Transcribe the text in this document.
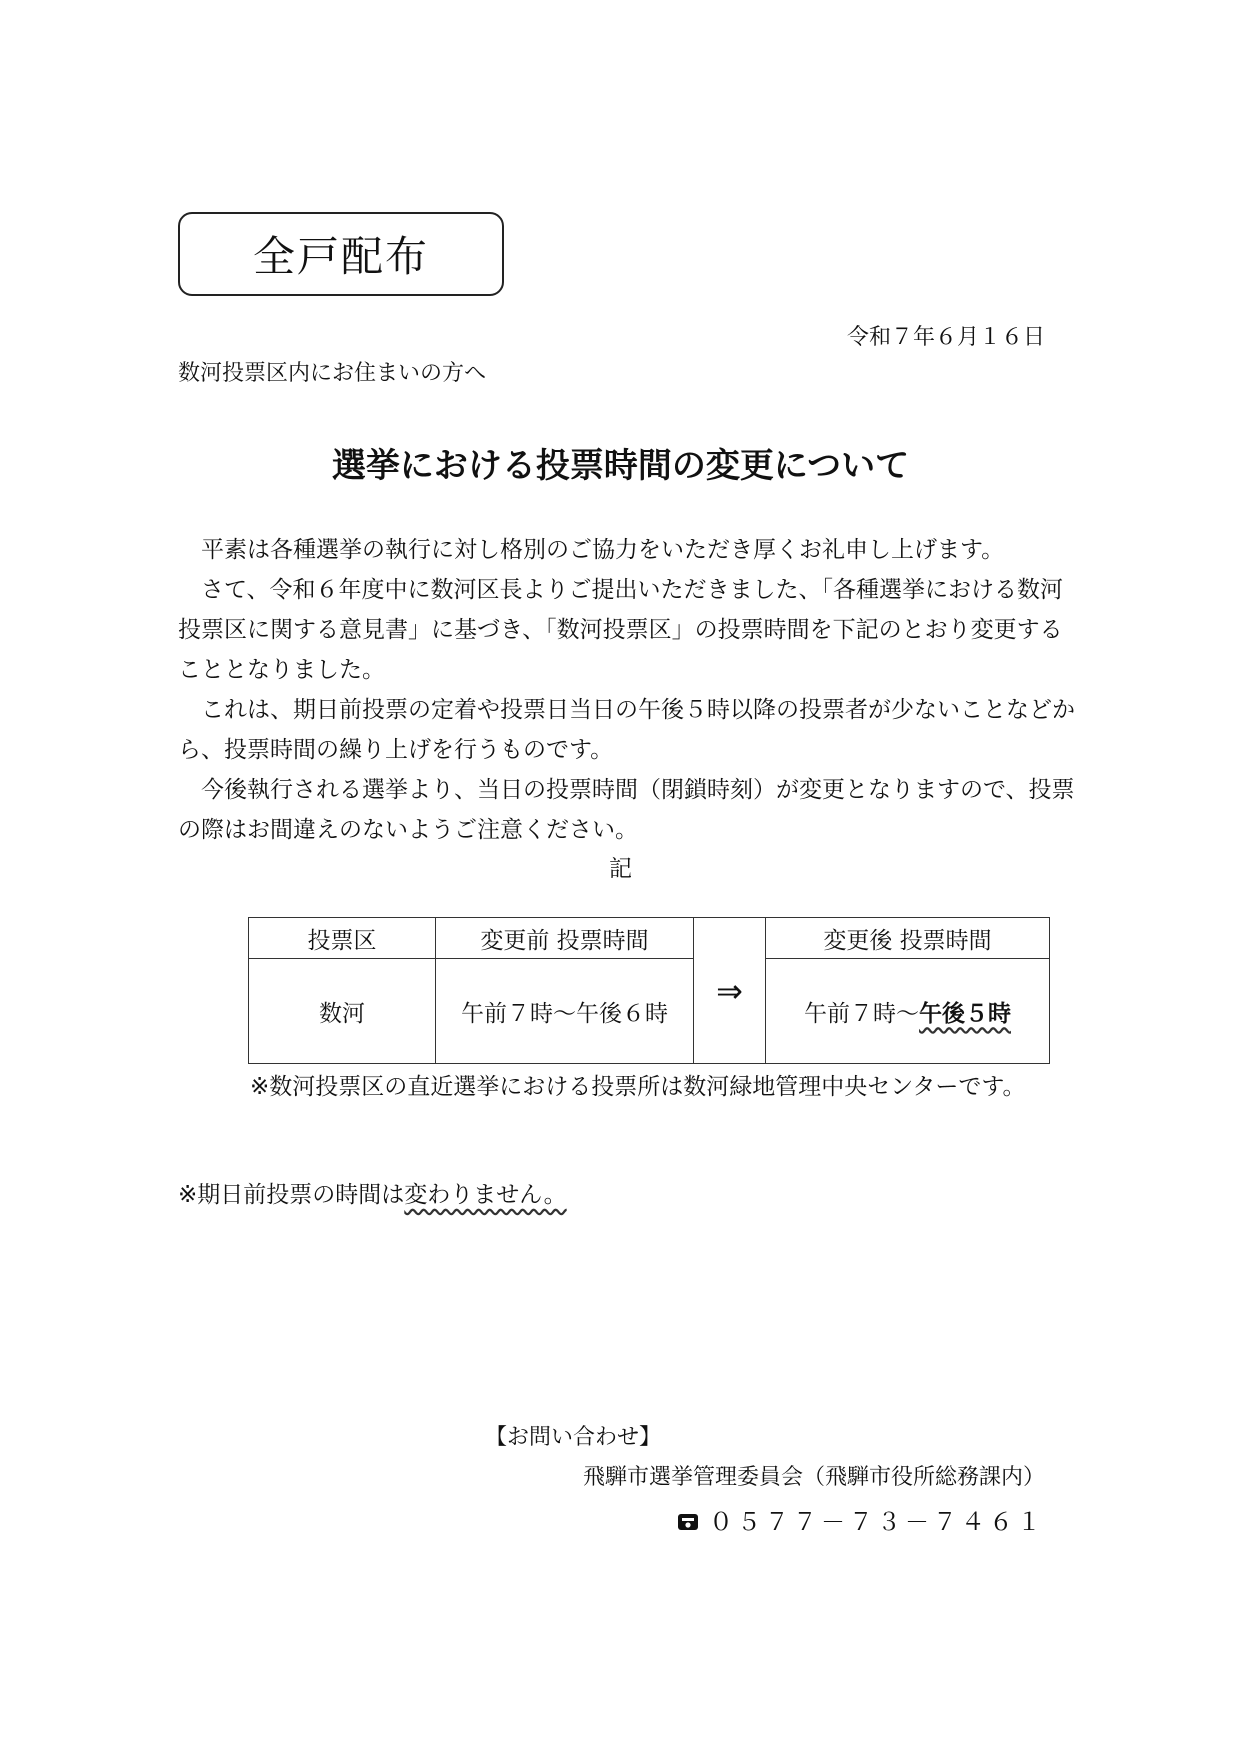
全戸配布
令和７年６月１６日
数河投票区内にお住まいの方へ
選挙における投票時間の変更について

平素は各種選挙の執行に対し格別のご協力をいただき厚くお礼申し上げます。

さて、令和６年度中に数河区長よりご提出いただきました、「各種選挙における数河投票区に関する意見書」に基づき、「数河投票区」の投票時間を下記のとおり変更することとなりました。

これは、期日前投票の定着や投票日当日の午後５時以降の投票者が少ないことなどから、投票時間の繰り上げを行うものです。

今後執行される選挙より、当日の投票時間（閉鎖時刻）が変更となりますので、投票の際はお間違えのないようご注意ください。

記
投票区	変更前 投票時間	⇒	変更後 投票時間
数河	午前７時～午後６時		午前７時～午後５時
※数河投票区の直近選挙における投票所は数河緑地管理中央センターです。
※期日前投票の時間は変わりません。
【お問い合わせ】
飛騨市選挙管理委員会（飛騨市役所総務課内）
０５７７－７３－７４６１
